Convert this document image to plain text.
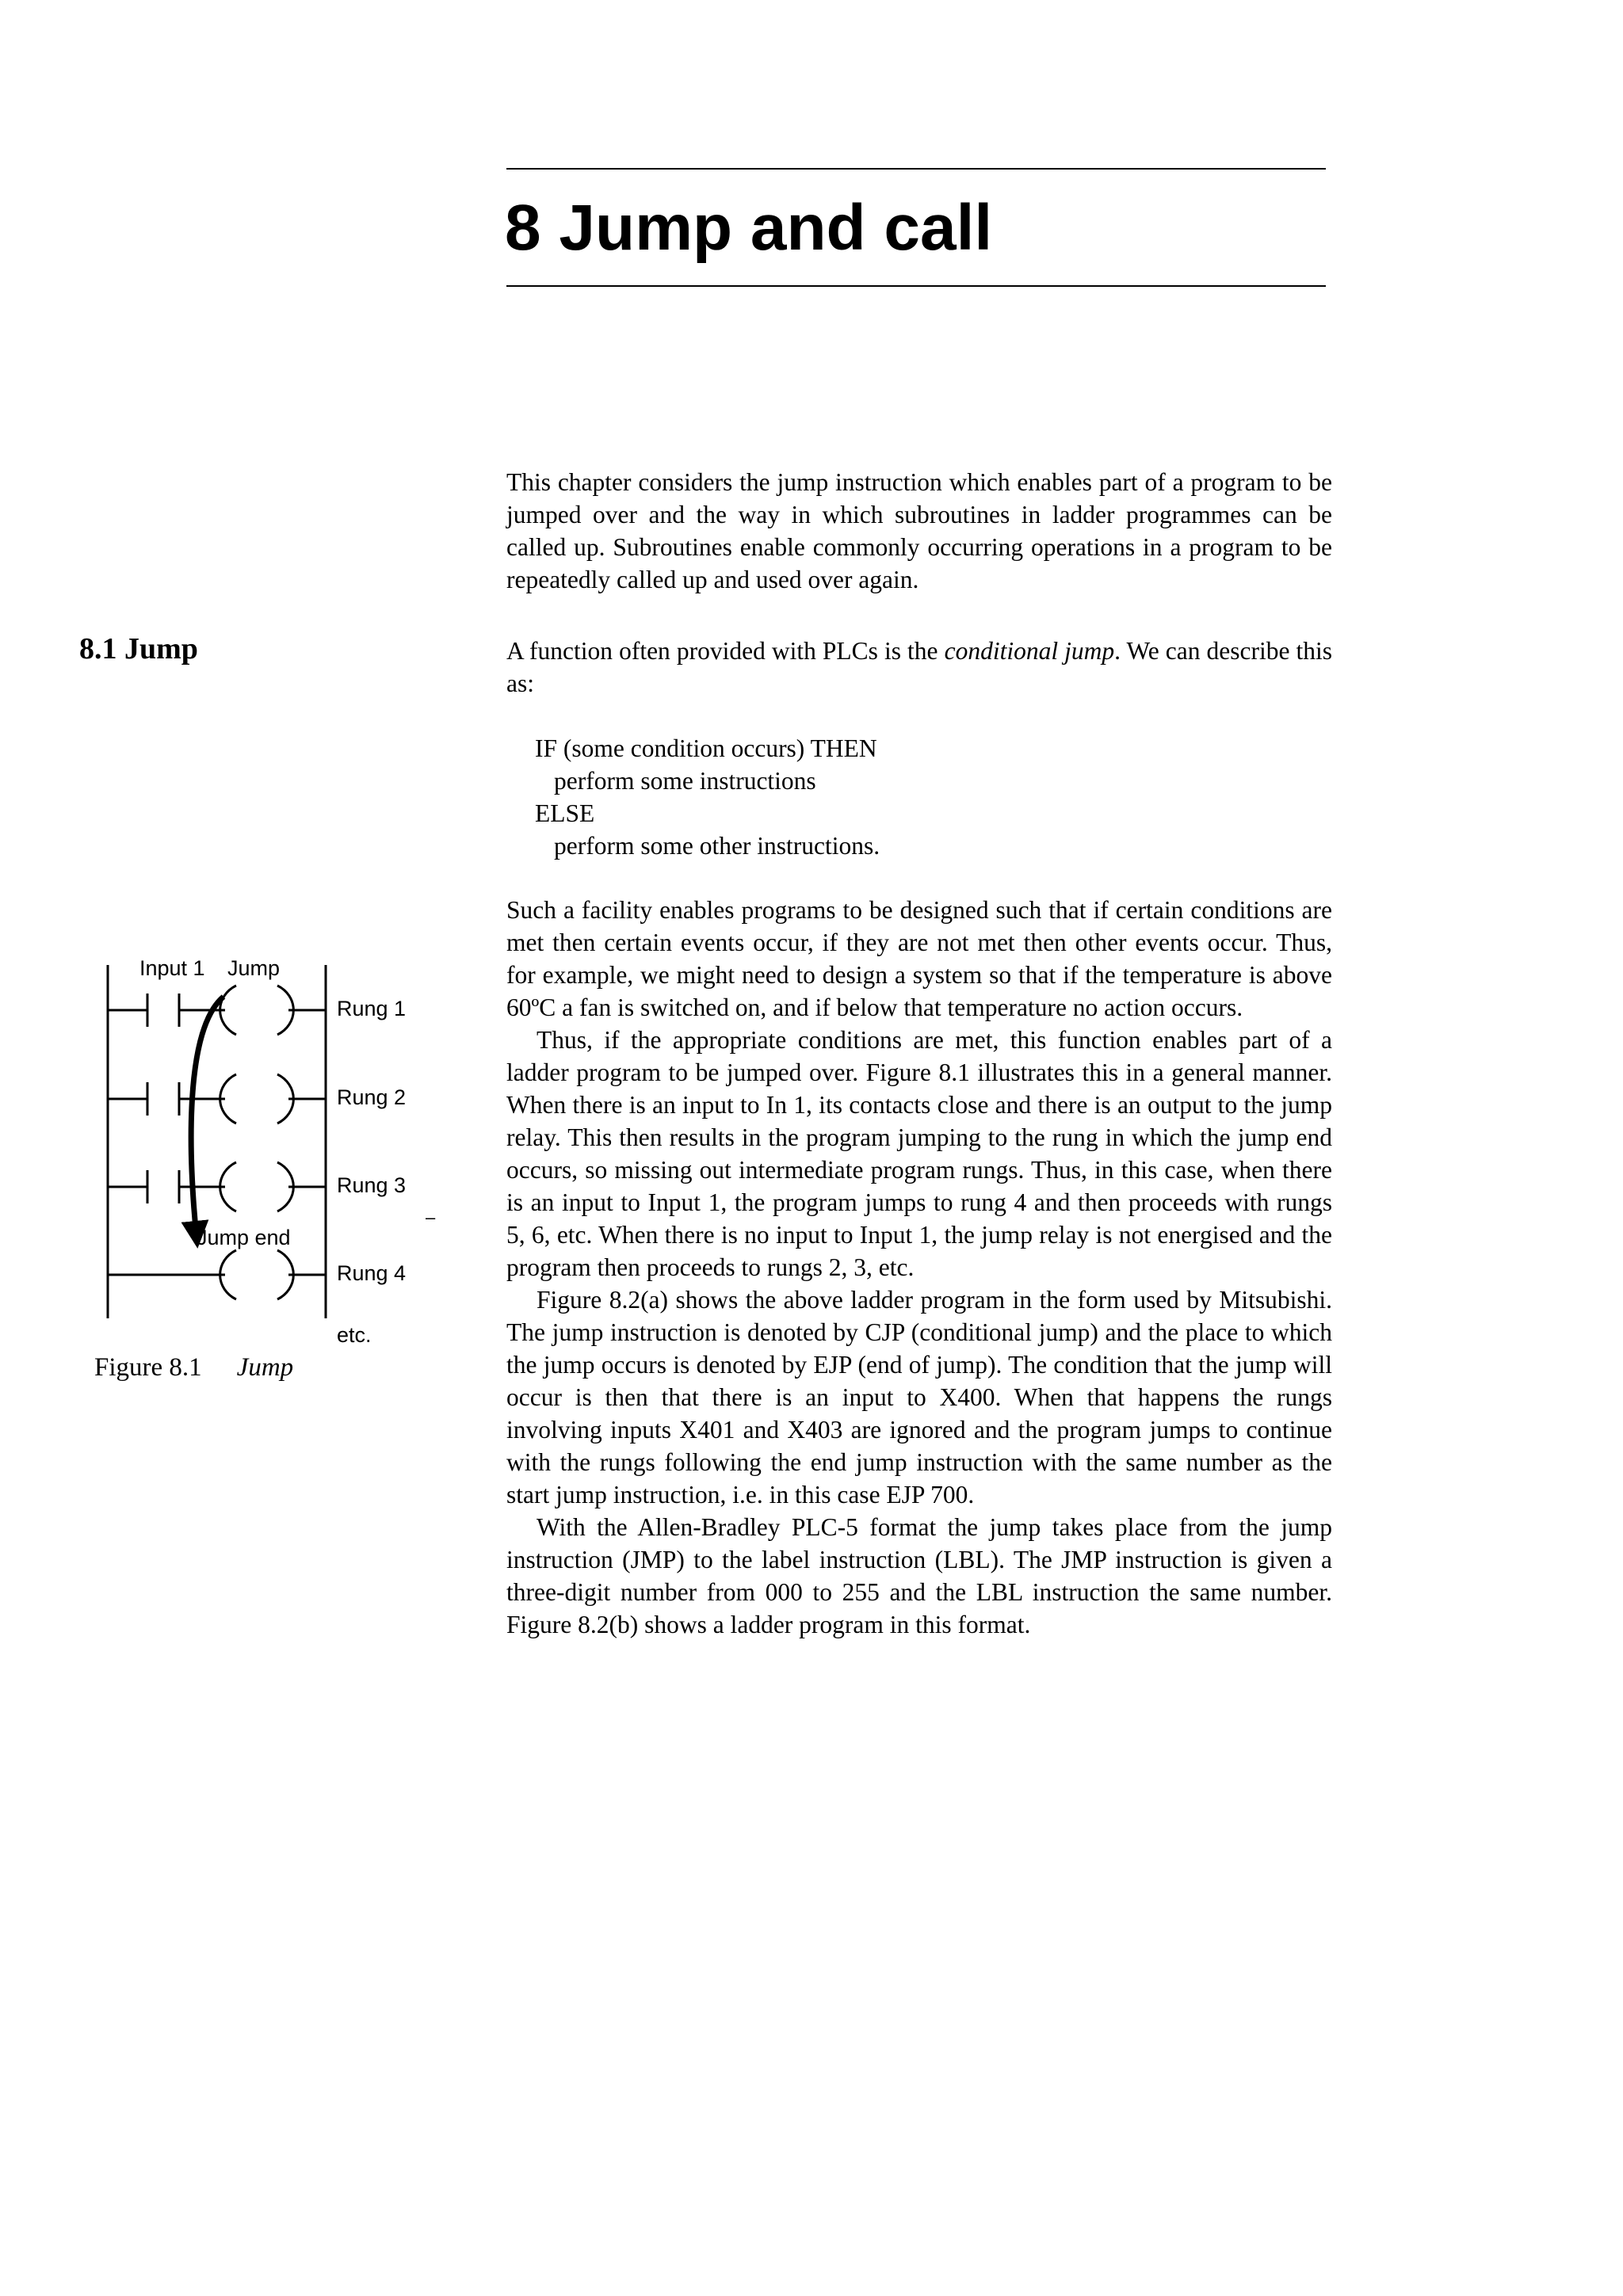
8 Jump and call

This chapter considers the jump instruction which enables part of a program to be jumped over and the way in which subroutines in ladder programmes can be called up. Subroutines enable commonly occurring operations in a program to be repeatedly called up and used over again.

8.1 Jump	A function often provided with PLCs is the conditional jump. We can describe this as:

IF (some condition occurs) THEN
perform some instructions
ELSE
perform some other instructions.

Such a facility enables programs to be designed such that if certain conditions are met then certain events occur, if they are not met then other events occur. Thus, for example, we might need to design a system so that if the temperature is above 60ºC a fan is switched on, and if below that temperature no action occurs.

Thus, if the appropriate conditions are met, this function enables part of a ladder program to be jumped over. Figure 8.1 illustrates this in a general manner. When there is an input to In 1, its contacts close and there is an output to the jump relay. This then results in the program jumping to the rung in which the jump end occurs, so missing out intermediate program rungs. Thus, in this case, when there is an input to Input 1, the program jumps to rung 4 and then proceeds with rungs 5, 6, etc. When there is no input to Input 1, the jump relay is not energised and the program then proceeds to rungs 2, 3, etc.

Figure 8.2(a) shows the above ladder program in the form used by Mitsubishi. The jump instruction is denoted by CJP (conditional jump) and the place to which the jump occurs is denoted by EJP (end of jump). The condition that the jump will occur is then that there is an input to X400. When that happens the rungs involving inputs X401 and X403 are ignored and the program jumps to continue with the rungs following the end jump instruction with the same number as the start jump instruction, i.e. in this case EJP 700.

With the Allen-Bradley PLC-5 format the jump takes place from the jump instruction (JMP) to the label instruction (LBL). The JMP instruction is given a three-digit number from 000 to 255 and the LBL instruction the same number. Figure 8.2(b) shows a ladder program in this format.

–
Input 1 Jump
Jump end
Rung 1
Rung 2
Rung 3
Rung 4
etc.

Figure 8.1 Jump
